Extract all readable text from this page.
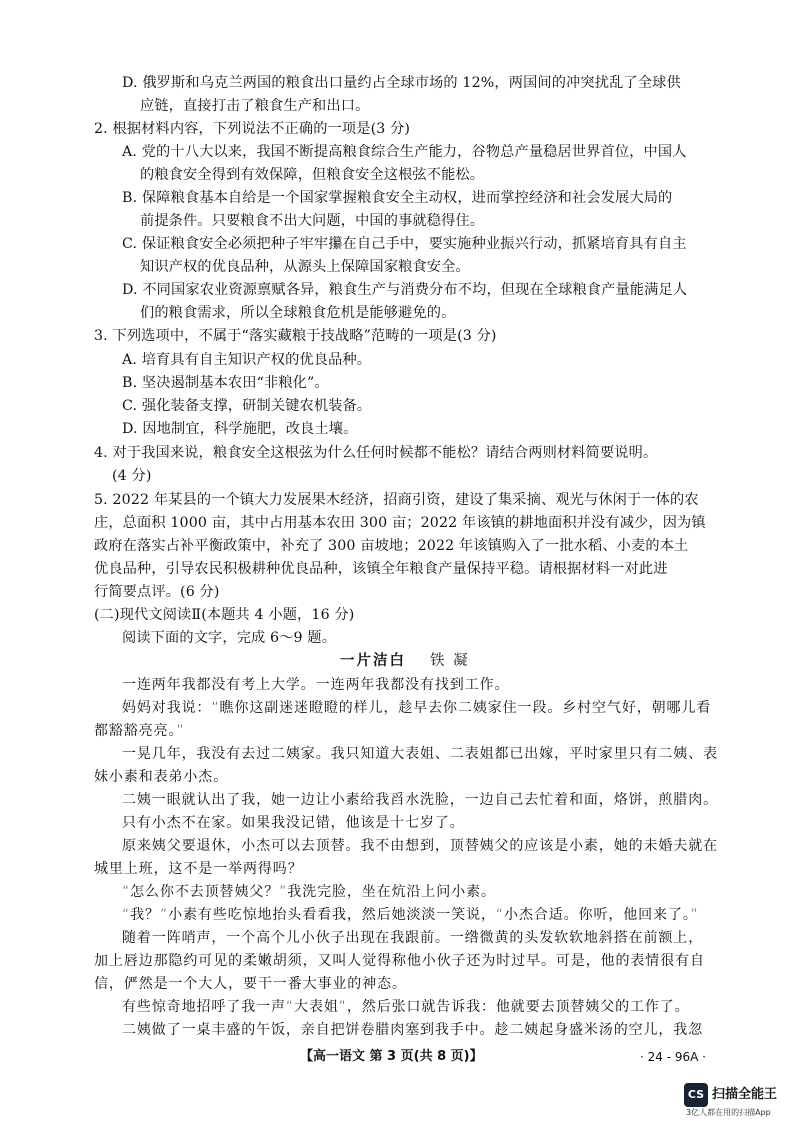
D. 俄罗斯和乌克兰两国的粮食出口量约占全球市场的 12%，两国间的冲突扰乱了全球供
应链，直接打击了粮食生产和出口。
2. 根据材料内容，下列说法不正确的一项是(3 分)
A. 党的十八大以来，我国不断提高粮食综合生产能力，谷物总产量稳居世界首位，中国人
的粮食安全得到有效保障，但粮食安全这根弦不能松。
B. 保障粮食基本自给是一个国家掌握粮食安全主动权，进而掌控经济和社会发展大局的
前提条件。只要粮食不出大问题，中国的事就稳得住。
C. 保证粮食安全必须把种子牢牢攥在自己手中，要实施种业振兴行动，抓紧培育具有自主
知识产权的优良品种，从源头上保障国家粮食安全。
D. 不同国家农业资源禀赋各异，粮食生产与消费分布不均，但现在全球粮食产量能满足人
们的粮食需求，所以全球粮食危机是能够避免的。
3. 下列选项中，不属于“落实藏粮于技战略”范畴的一项是(3 分)
A. 培育具有自主知识产权的优良品种。
B. 坚决遏制基本农田“非粮化”。
C. 强化装备支撑，研制关键农机装备。
D. 因地制宜，科学施肥，改良土壤。
4. 对于我国来说，粮食安全这根弦为什么任何时候都不能松？请结合两则材料简要说明。
(4 分)
5. 2022 年某县的一个镇大力发展果木经济，招商引资，建设了集采摘、观光与休闲于一体的农
庄，总面积 1000 亩，其中占用基本农田 300 亩；2022 年该镇的耕地面积并没有减少，因为镇
政府在落实占补平衡政策中，补充了 300 亩坡地；2022 年该镇购入了一批水稻、小麦的本土
优良品种，引导农民积极耕种优良品种，该镇全年粮食产量保持平稳。请根据材料一对此进
行简要点评。(6 分)
(二)现代文阅读Ⅱ(本题共 4 小题，16 分)
阅读下面的文字，完成 6～9 题。
一片洁白 铁 凝
一连两年我都没有考上大学。一连两年我都没有找到工作。
妈妈对我说：“瞧你这副迷迷瞪瞪的样儿，趁早去你二姨家住一段。乡村空气好，朝哪儿看
都豁豁亮亮。”
一晃几年，我没有去过二姨家。我只知道大表姐、二表姐都已出嫁，平时家里只有二姨、表
妹小素和表弟小杰。
二姨一眼就认出了我，她一边让小素给我舀水洗脸，一边自己去忙着和面，烙饼，煎腊肉。
只有小杰不在家。如果我没记错，他该是十七岁了。
原来姨父要退休，小杰可以去顶替。我不由想到，顶替姨父的应该是小素，她的未婚夫就在
城里上班，这不是一举两得吗？
“怎么你不去顶替姨父？”我洗完脸，坐在炕沿上问小素。
“我？”小素有些吃惊地抬头看看我，然后她淡淡一笑说，“小杰合适。你听，他回来了。”
随着一阵哨声，一个高个儿小伙子出现在我跟前。一绺微黄的头发软软地斜搭在前额上，
加上唇边那隐约可见的柔嫩胡须，又叫人觉得称他小伙子还为时过早。可是，他的表情很有自
信，俨然是一个大人，要干一番大事业的神态。
有些惊奇地招呼了我一声“大表姐”，然后张口就告诉我：他就要去顶替姨父的工作了。
二姨做了一桌丰盛的午饭，亲自把饼卷腊肉塞到我手中。趁二姨起身盛米汤的空儿，我忽
【高一语文 第 3 页(共 8 页)】	· 24 - 96A ·
CS 扫描全能王
3亿人都在用的扫描App
